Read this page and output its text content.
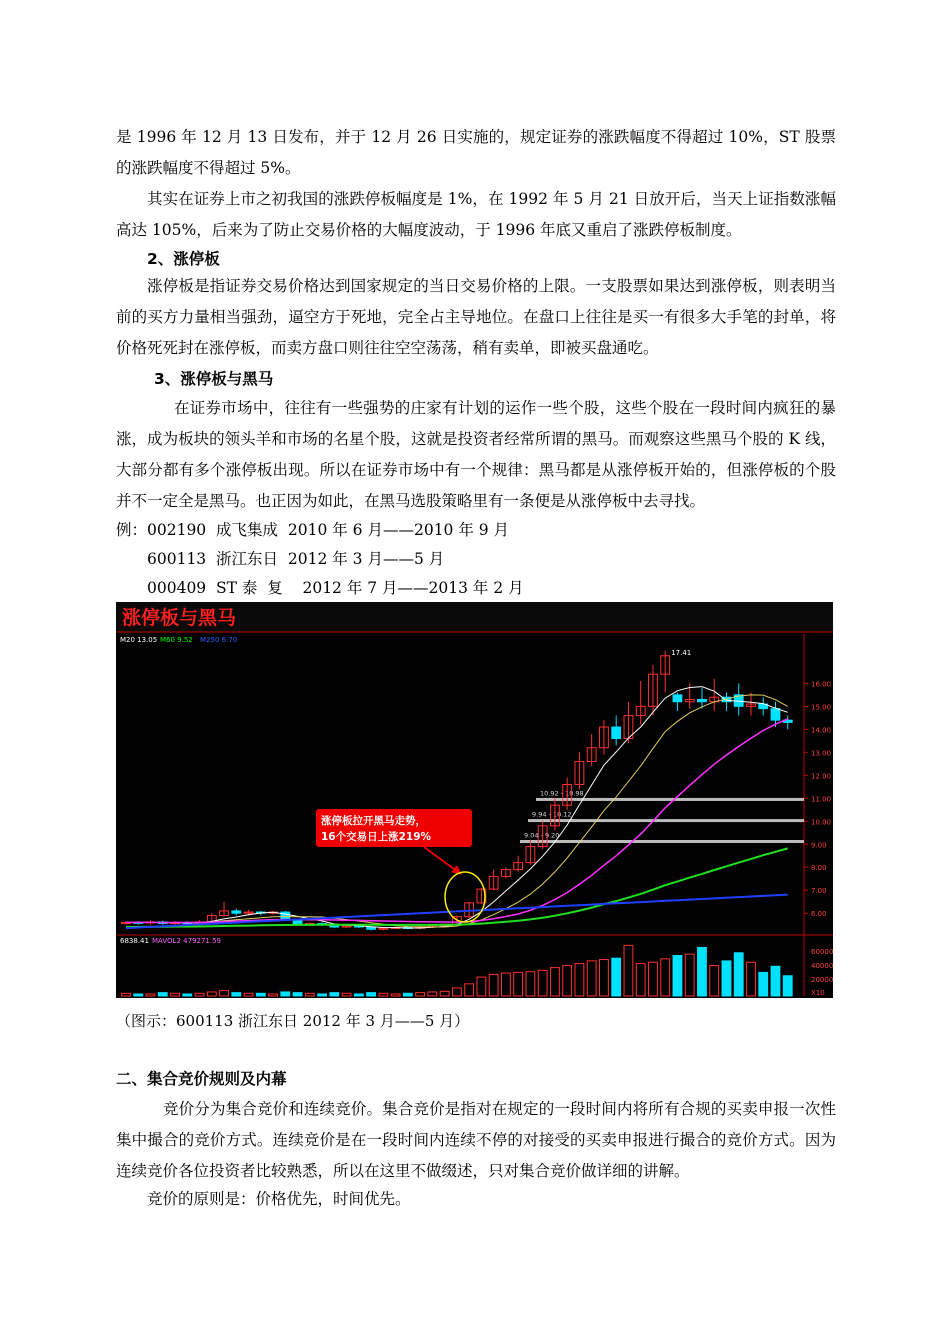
是 1996 年 12 月 13 日发布，并于 12 月 26 日实施的，规定证券的涨跌幅度不得超过 10%，ST 股票的涨跌幅度不得超过 5%。
其实在证券上市之初我国的涨跌停板幅度是 1%，在 1992 年 5 月 21 日放开后，当天上证指数涨幅高达 105%，后来为了防止交易价格的大幅度波动，于 1996 年底又重启了涨跌停板制度。
2、涨停板
涨停板是指证券交易价格达到国家规定的当日交易价格的上限。一支股票如果达到涨停板，则表明当前的买方力量相当强劲，逼空方于死地，完全占主导地位。在盘口上往往是买一有很多大手笔的封单，将价格死死封在涨停板，而卖方盘口则往往空空荡荡，稍有卖单，即被买盘通吃。
3、涨停板与黑马
在证券市场中，往往有一些强势的庄家有计划的运作一些个股，这些个股在一段时间内疯狂的暴涨，成为板块的领头羊和市场的名星个股，这就是投资者经常所谓的黑马。而观察这些黑马个股的 K 线，大部分都有多个涨停板出现。所以在证券市场中有一个规律：黑马都是从涨停板开始的，但涨停板的个股并不一定全是黑马。也正因为如此，在黑马选股策略里有一条便是从涨停板中去寻找。
例：002190  成飞集成  2010 年 6 月——2010 年 9 月
600113  浙江东日  2012 年 3 月——5 月
000409  ST 泰  复    2012 年 7 月——2013 年 2 月
涨停板与黑马
M20 13.05 M60 9.52 M250 6.70
16.00
15.00
14.00
13.00
12.00
11.00
10.00
9.00
8.00
7.00
6.00
6838.41 MAVOL2 479271.59
60000
40000
20000
X10
10.92 - 10.98
9.94 - 10.12
9.04 - 9.20
17.41
涨停板拉开黑马走势，
16个交易日上涨219%
（图示：600113 浙江东日 2012 年 3 月——5 月）
二、集合竞价规则及内幕
竞价分为集合竞价和连续竞价。集合竞价是指对在规定的一段时间内将所有合规的买卖申报一次性集中撮合的竞价方式。连续竞价是在一段时间内连续不停的对接受的买卖申报进行撮合的竞价方式。因为连续竞价各位投资者比较熟悉，所以在这里不做缀述，只对集合竞价做详细的讲解。
竞价的原则是：价格优先，时间优先。
